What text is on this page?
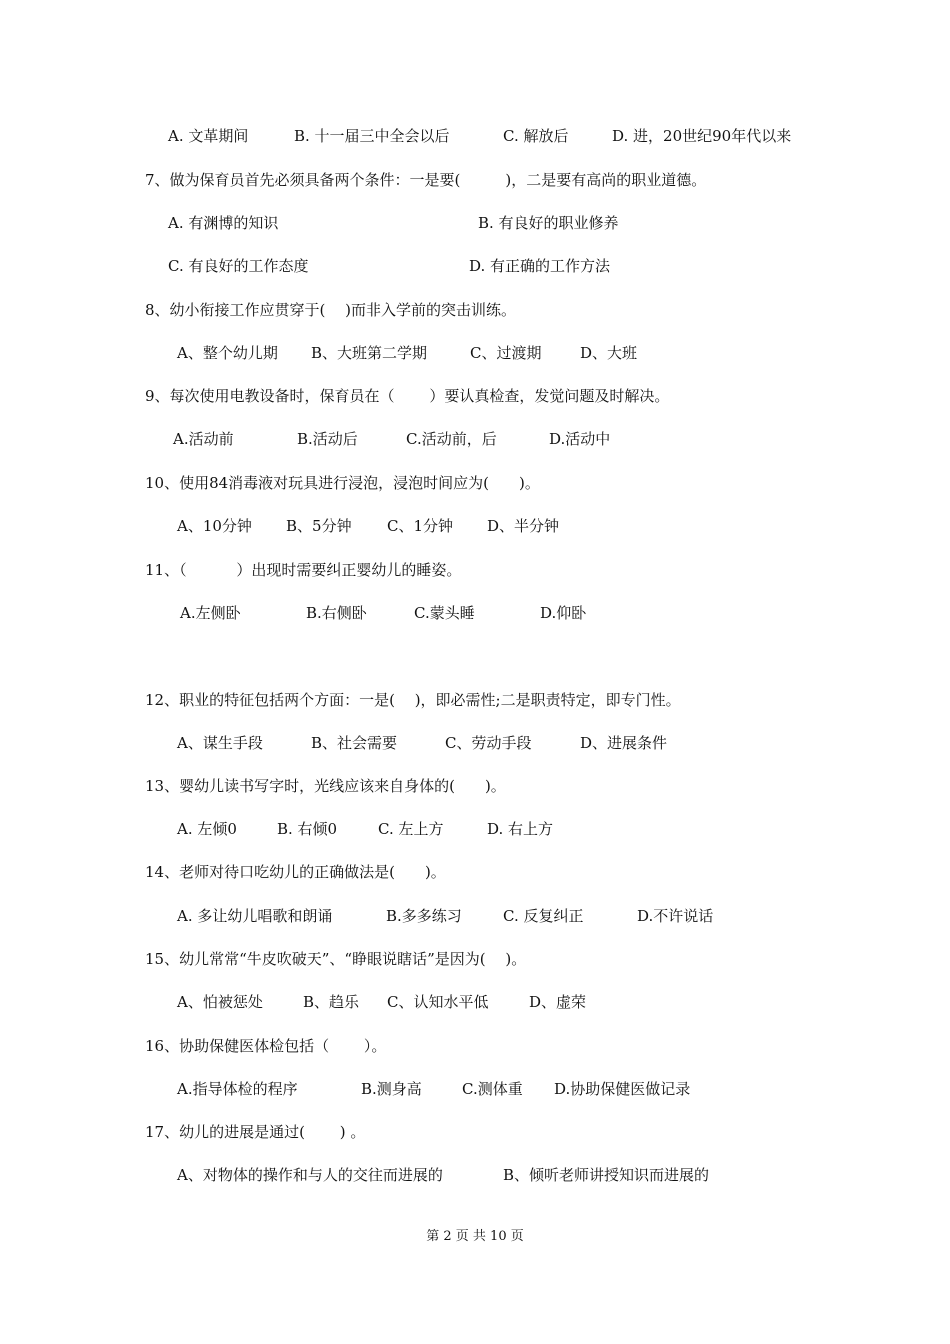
A. 文革期间	B. 十一届三中全会以后	C. 解放后	D. 进，20世纪90年代以来
7、做为保育员首先必须具备两个条件：一是要(　　　)，二是要有高尚的职业道德。
A. 有渊博的知识	B. 有良好的职业修养
C. 有良好的工作态度	D. 有正确的工作方法
8、幼小衔接工作应贯穿于(　 )而非入学前的突击训练。
A、整个幼儿期 B、大班第二学期	C、过渡期	D、大班
9、每次使用电教设备时，保育员在（　　 ）要认真检查，发觉问题及时解决。
A.活动前	B.活动后	C.活动前，后	D.活动中
10、使用84消毒液对玩具进行浸泡，浸泡时间应为(　　)。
A、10分钟 B、5分钟 C、1分钟 D、半分钟
11、（　　　 ）出现时需要纠正婴幼儿的睡姿。
A.左侧卧	B.右侧卧	C.蒙头睡	D.仰卧
12、职业的特征包括两个方面：一是(　 )，即必需性;二是职责特定，即专门性。
A、谋生手段	B、社会需要	C、劳动手段	D、进展条件
13、婴幼儿读书写字时，光线应该来自身体的(　　)。
A. 左倾0	B. 右倾0	C. 左上方	D. 右上方
14、老师对待口吃幼儿的正确做法是(　　)。
A. 多让幼儿唱歌和朗诵	B.多多练习	C. 反复纠正	D.不许说话
15、幼儿常常“牛皮吹破天”、“睁眼说瞎话”是因为(　 )。
A、怕被惩处	B、趋乐 C、认知水平低	D、虚荣
16、协助保健医体检包括（　　 ）。
A.指导体检的程序	B.测身高	C.测体重 D.协助保健医做记录
17、幼儿的进展是通过(　　 ) 。
A、对物体的操作和与人的交往而进展的	B、倾听老师讲授知识而进展的
第 2 页 共 10 页
